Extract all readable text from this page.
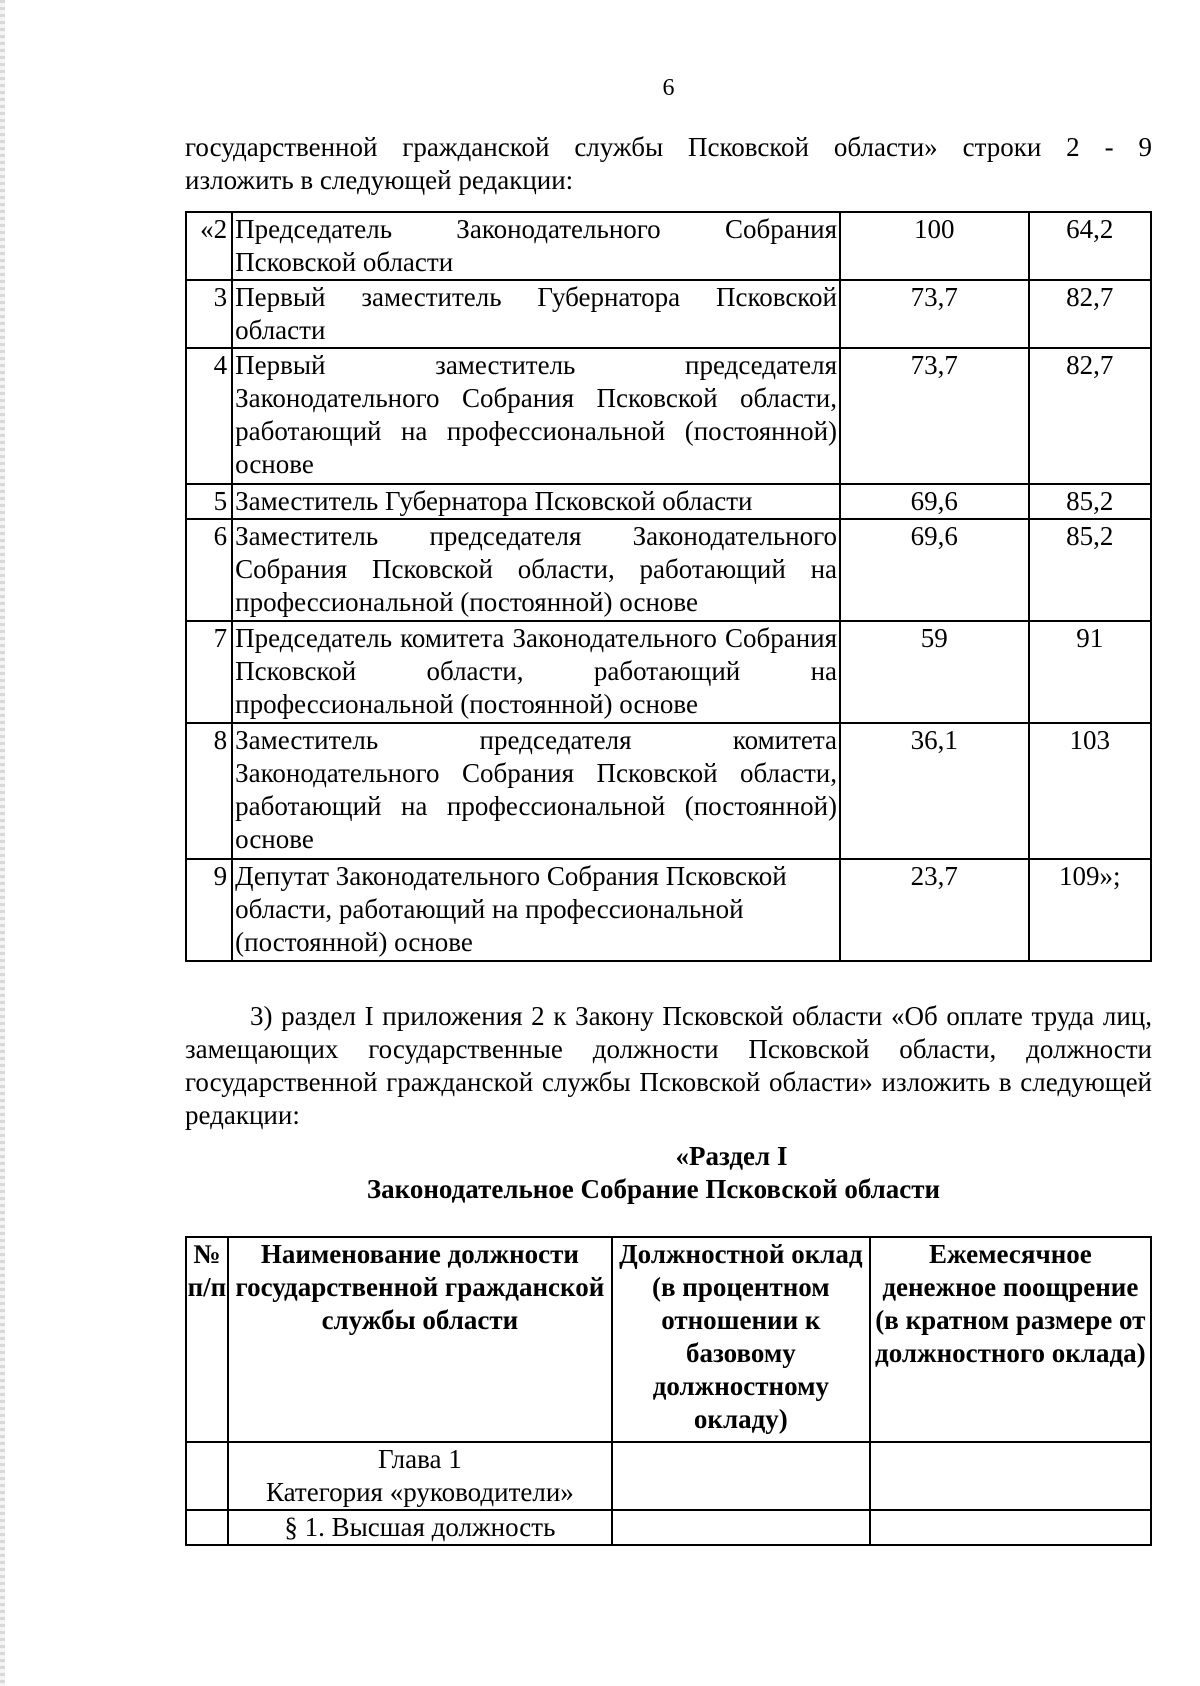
6

государственной гражданской службы Псковской области» строки 2 - 9
изложить в следующей редакции:

«2	Председатель Законодательного Собрания Псковской области	100	64,2
3	Первый заместитель Губернатора Псковской области	73,7	82,7
4	Первый заместитель председателя Законодательного Собрания Псковской области, работающий на профессиональной (постоянной) основе	73,7	82,7
5	Заместитель Губернатора Псковской области	69,6	85,2
6	Заместитель председателя Законодательного Собрания Псковской области, работающий на профессиональной (постоянной) основе	69,6	85,2
7	Председатель комитета Законодательного Собрания Псковской области, работающий на профессиональной (постоянной) основе	59	91
8	Заместитель председателя комитета Законодательного Собрания Псковской области, работающий на профессиональной (постоянной) основе	36,1	103
9	Депутат Законодательного Собрания Псковской области, работающий на профессиональной (постоянной) основе	23,7	109»;

3) раздел I приложения 2 к Закону Псковской области «Об оплате труда лиц, замещающих государственные должности Псковской области, должности государственной гражданской службы Псковской области» изложить в следующей редакции:

«Раздел I
Законодательное Собрание Псковской области
№ п/п	Наименование должности государственной гражданской службы области	Должностной оклад (в процентном отношении к базовому должностному окладу)	Ежемесячное денежное поощрение (в кратном размере от должностного оклада)

	Глава 1
Категория «руководители»		

	§ 1. Высшая должность		
